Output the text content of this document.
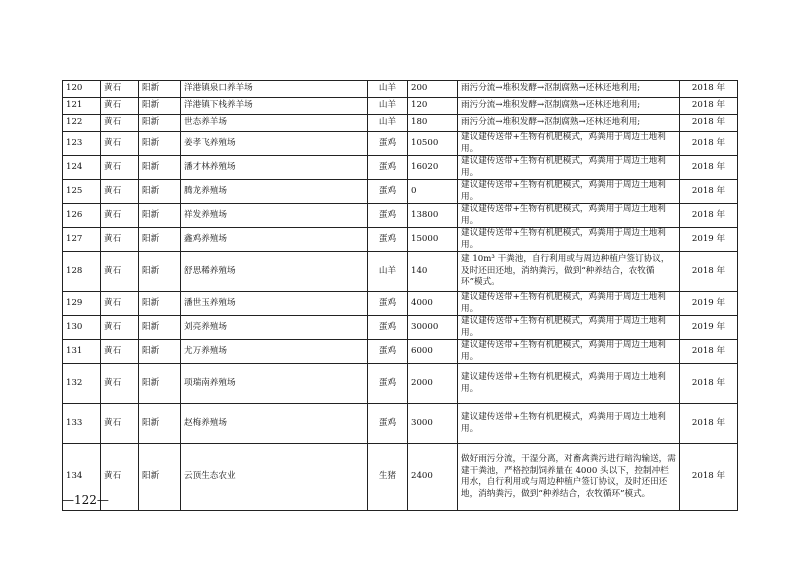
120	黄石	阳新	洋港镇泉口养羊场	山羊	200	雨污分流→堆积发酵→沤制腐熟→还林还地利用;	2018 年
121	黄石	阳新	洋港镇下栈养羊场	山羊	120	雨污分流→堆积发酵→沤制腐熟→还林还地利用;	2018 年
122	黄石	阳新	世态养羊场	山羊	180	雨污分流→堆积发酵→沤制腐熟→还林还地利用;	2018 年
123	黄石	阳新	姜孝飞养殖场	蛋鸡	10500	建议建传送带+生物有机肥模式，鸡粪用于周边土地利用。	2018 年
124	黄石	阳新	潘才林养殖场	蛋鸡	16020	建议建传送带+生物有机肥模式，鸡粪用于周边土地利用。	2018 年
125	黄石	阳新	腾龙养殖场	蛋鸡	0	建议建传送带+生物有机肥模式，鸡粪用于周边土地利用。	2018 年
126	黄石	阳新	祥发养殖场	蛋鸡	13800	建议建传送带+生物有机肥模式，鸡粪用于周边土地利用。	2018 年
127	黄石	阳新	鑫鸡养殖场	蛋鸡	15000	建议建传送带+生物有机肥模式，鸡粪用于周边土地利用。	2019 年
128	黄石	阳新	舒思稀养殖场	山羊	140	建 10m³ 干粪池，自行利用或与周边种植户签订协议，及时还田还地，消纳粪污，做到“种养结合，农牧循环”模式。	2018 年
129	黄石	阳新	潘世玉养殖场	蛋鸡	4000	建议建传送带+生物有机肥模式，鸡粪用于周边土地利用。	2019 年
130	黄石	阳新	刘亮养殖场	蛋鸡	30000	建议建传送带+生物有机肥模式，鸡粪用于周边土地利用。	2019 年
131	黄石	阳新	尤万养殖场	蛋鸡	6000	建议建传送带+生物有机肥模式，鸡粪用于周边土地利用。	2018 年
132	黄石	阳新	项瑞南养殖场	蛋鸡	2000	建议建传送带+生物有机肥模式，鸡粪用于周边土地利用。	2018 年
133	黄石	阳新	赵梅养殖场	蛋鸡	3000	建议建传送带+生物有机肥模式，鸡粪用于周边土地利用。	2018 年
134	黄石	阳新	云顶生态农业	生猪	2400	做好雨污分流，干湿分离，对畜禽粪污进行暗沟输送，需建干粪池，严格控制饲养量在 4000 头以下，控制冲栏用水，自行利用或与周边种植户签订协议，及时还田还地，消纳粪污，做到“种养结合，农牧循环”模式。	2018 年
—122—
